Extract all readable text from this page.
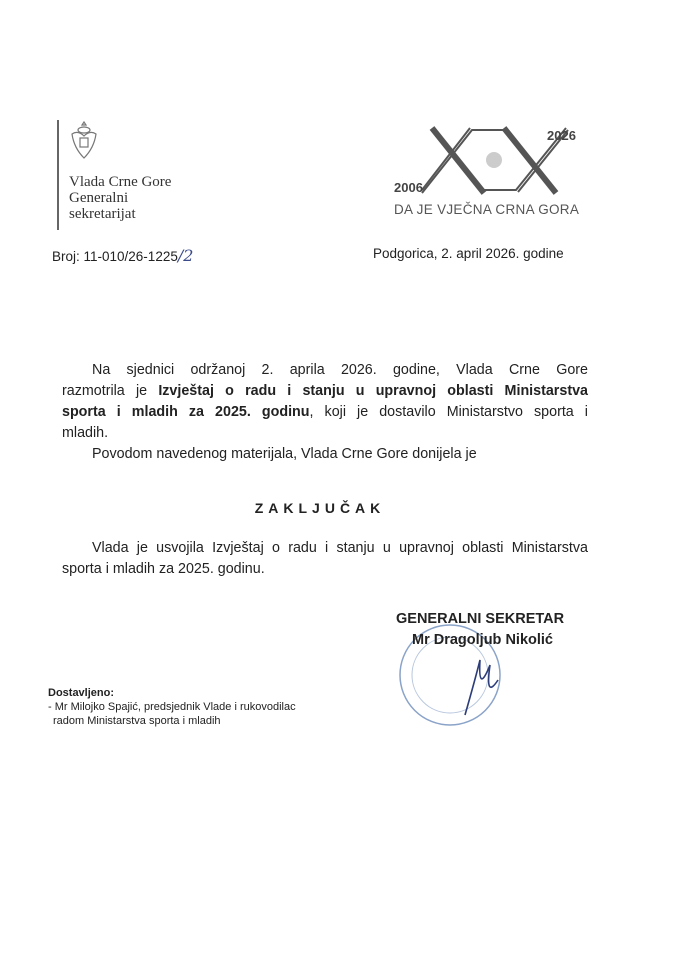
Vlada Crne Gore
Generalni
sekretarijat
2026
2006
DA JE VJEČNA CRNA GORA
Broj: 11-010/26-1225/2	Podgorica, 2. april 2026. godine
Na sjednici održanoj 2. aprila 2026. godine, Vlada Crne Gore
razmotrila je Izvještaj o radu i stanju u upravnoj oblasti Ministarstva
sporta i mladih za 2025. godinu, koji je dostavilo Ministarstvo sporta i
mladih.
Povodom navedenog materijala, Vlada Crne Gore donijela je
ZAKLJUČAK
Vlada je usvojila Izvještaj o radu i stanju u upravnoj oblasti Ministarstva
sporta i mladih za 2025. godinu.
GENERALNI SEKRETAR
Mr Dragoljub Nikolić
Dostavljeno:
- Mr Milojko Spajić, predsjednik Vlade i rukovodilac
radom Ministarstva sporta i mladih
